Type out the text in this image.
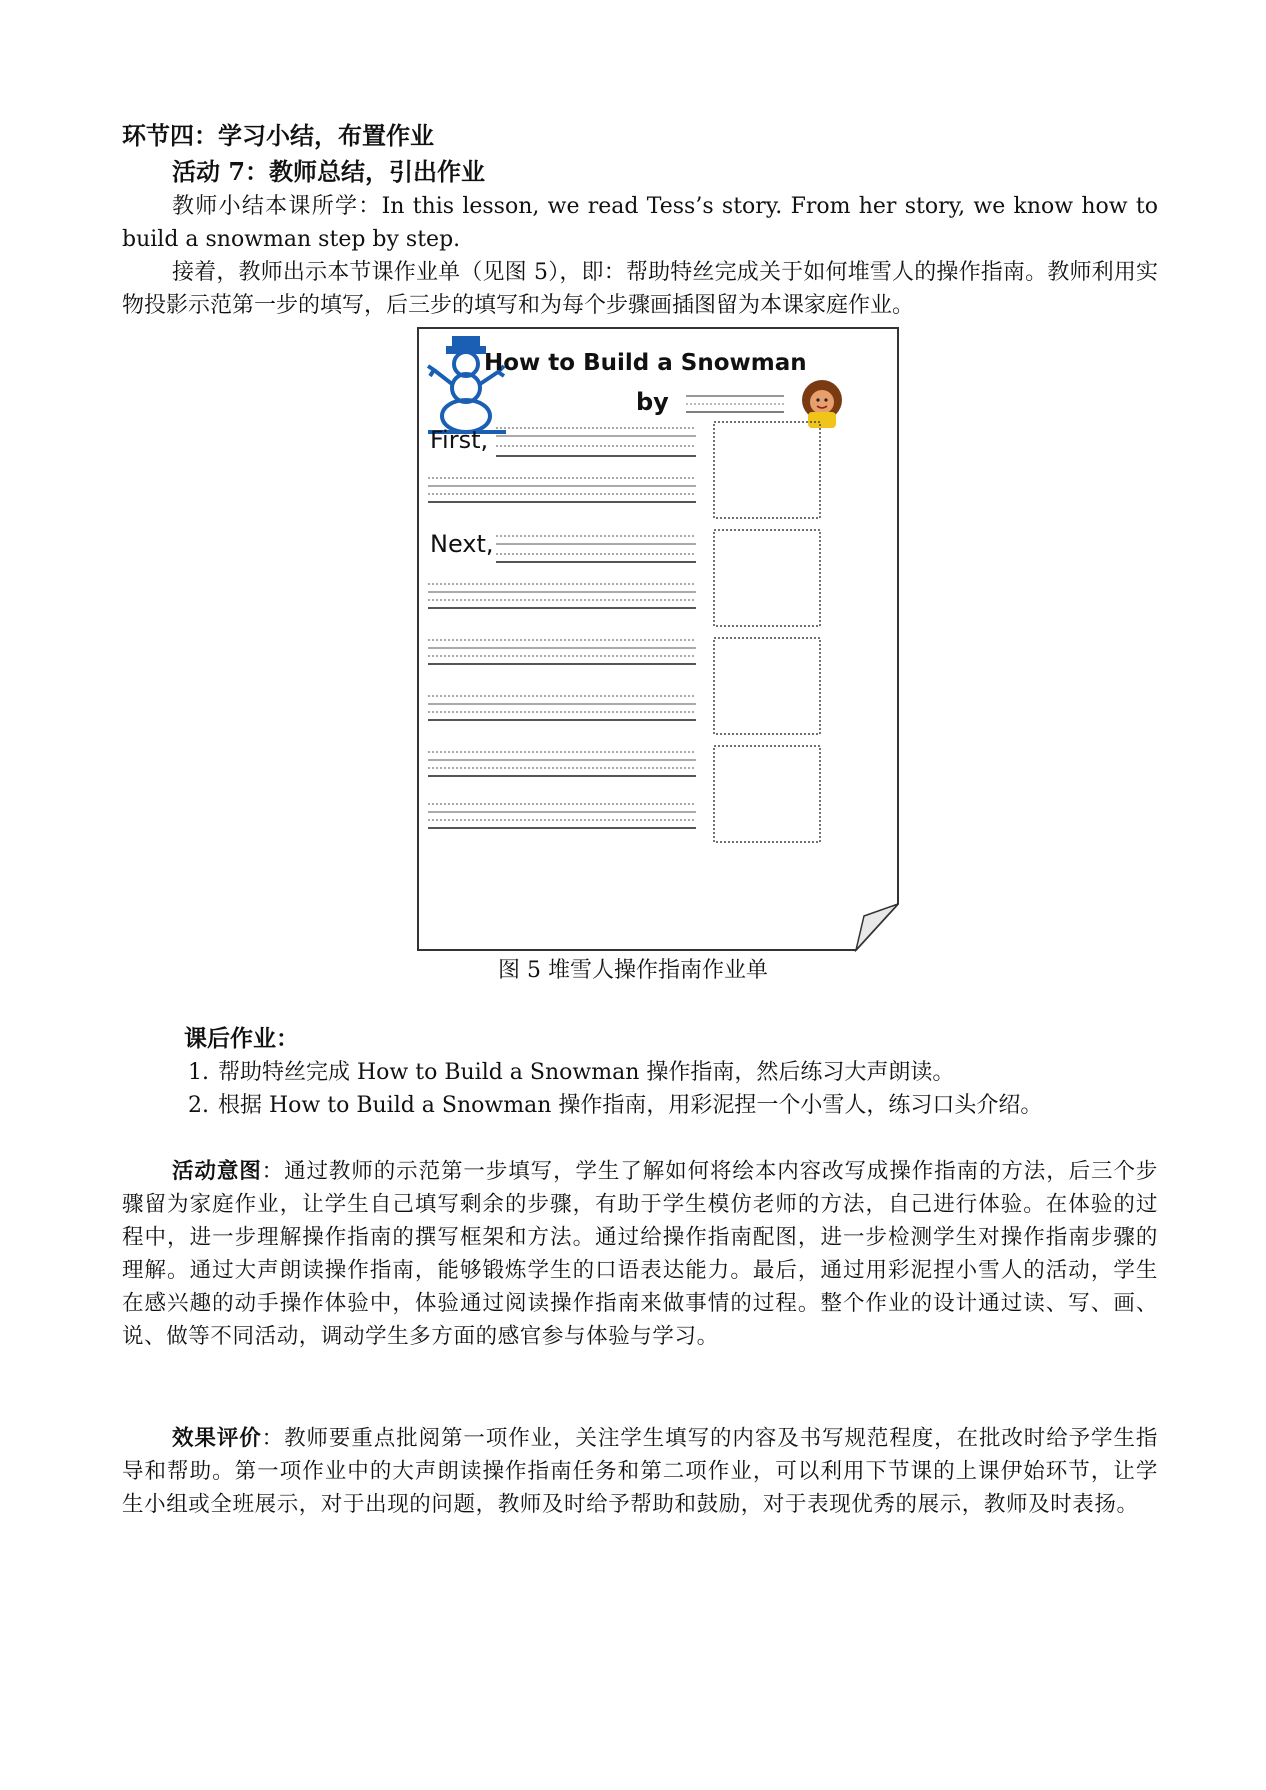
环节四：学习小结，布置作业
活动 7：教师总结，引出作业
教师小结本课所学：In this lesson, we read Tess’s story. From her story, we know how to build a snowman step by step.
接着，教师出示本节课作业单（见图 5），即：帮助特丝完成关于如何堆雪人的操作指南。教师利用实物投影示范第一步的填写，后三步的填写和为每个步骤画插图留为本课家庭作业。
How to Build a Snowman
by
First,
Next,
图 5 堆雪人操作指南作业单
课后作业：
1. 帮助特丝完成 How to Build a Snowman 操作指南，然后练习大声朗读。
2. 根据 How to Build a Snowman 操作指南，用彩泥捏一个小雪人，练习口头介绍。
活动意图：通过教师的示范第一步填写，学生了解如何将绘本内容改写成操作指南的方法，后三个步骤留为家庭作业，让学生自己填写剩余的步骤，有助于学生模仿老师的方法，自己进行体验。在体验的过程中，进一步理解操作指南的撰写框架和方法。通过给操作指南配图，进一步检测学生对操作指南步骤的理解。通过大声朗读操作指南，能够锻炼学生的口语表达能力。最后，通过用彩泥捏小雪人的活动，学生在感兴趣的动手操作体验中，体验通过阅读操作指南来做事情的过程。整个作业的设计通过读、写、画、说、做等不同活动，调动学生多方面的感官参与体验与学习。
效果评价：教师要重点批阅第一项作业，关注学生填写的内容及书写规范程度，在批改时给予学生指导和帮助。第一项作业中的大声朗读操作指南任务和第二项作业，可以利用下节课的上课伊始环节，让学生小组或全班展示，对于出现的问题，教师及时给予帮助和鼓励，对于表现优秀的展示，教师及时表扬。
